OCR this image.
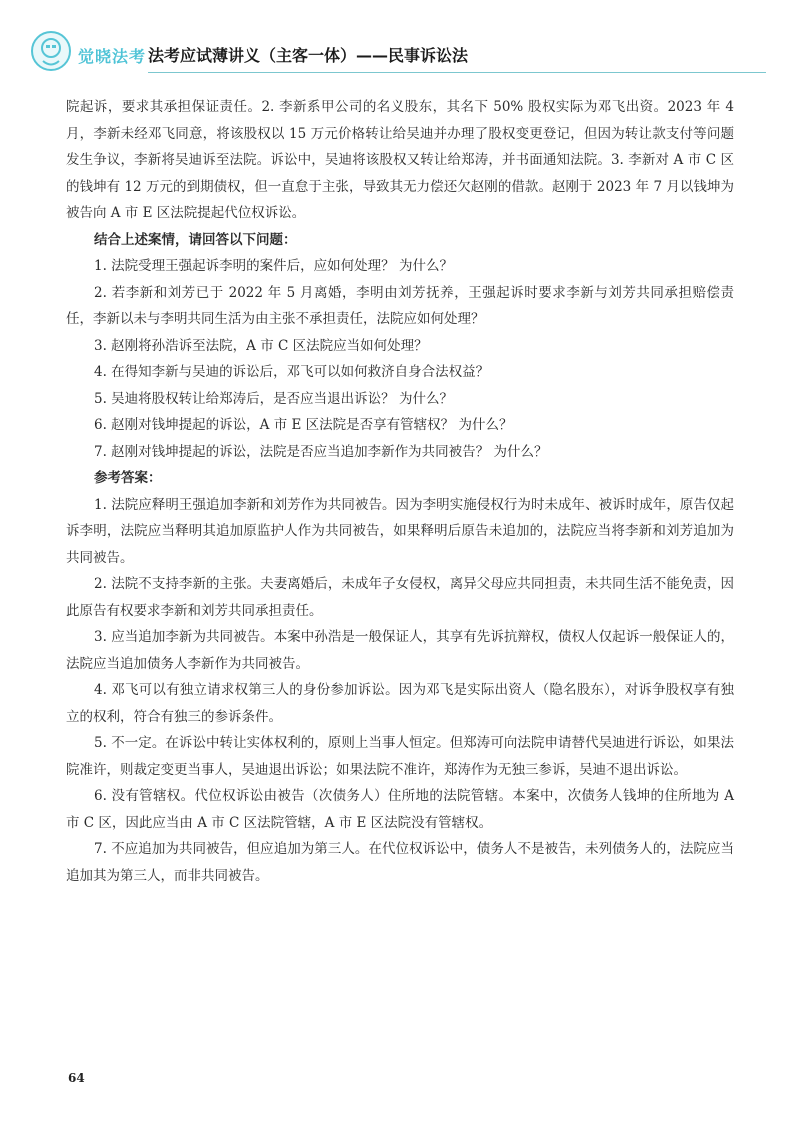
觉晓法考 法考应试薄讲义（主客一体）——民事诉讼法

院起诉，要求其承担保证责任。2. 李新系甲公司的名义股东，其名下 50% 股权实际为邓飞出资。2023 年 4 月，李新未经邓飞同意，将该股权以 15 万元价格转让给吴迪并办理了股权变更登记，但因为转让款支付等问题发生争议，李新将吴迪诉至法院。诉讼中，吴迪将该股权又转让给郑涛，并书面通知法院。3. 李新对 A 市 C 区的钱坤有 12 万元的到期债权，但一直怠于主张，导致其无力偿还欠赵刚的借款。赵刚于 2023 年 7 月以钱坤为被告向 A 市 E 区法院提起代位权诉讼。

结合上述案情，请回答以下问题：

1. 法院受理王强起诉李明的案件后，应如何处理？ 为什么？

2. 若李新和刘芳已于 2022 年 5 月离婚，李明由刘芳抚养，王强起诉时要求李新与刘芳共同承担赔偿责任，李新以未与李明共同生活为由主张不承担责任，法院应如何处理？

3. 赵刚将孙浩诉至法院，A 市 C 区法院应当如何处理？

4. 在得知李新与吴迪的诉讼后，邓飞可以如何救济自身合法权益？

5. 吴迪将股权转让给郑涛后，是否应当退出诉讼？ 为什么？

6. 赵刚对钱坤提起的诉讼，A 市 E 区法院是否享有管辖权？ 为什么？

7. 赵刚对钱坤提起的诉讼，法院是否应当追加李新作为共同被告？ 为什么？

参考答案：

1. 法院应释明王强追加李新和刘芳作为共同被告。因为李明实施侵权行为时未成年、被诉时成年，原告仅起诉李明，法院应当释明其追加原监护人作为共同被告，如果释明后原告未追加的，法院应当将李新和刘芳追加为共同被告。

2. 法院不支持李新的主张。夫妻离婚后，未成年子女侵权，离异父母应共同担责，未共同生活不能免责，因此原告有权要求李新和刘芳共同承担责任。

3. 应当追加李新为共同被告。本案中孙浩是一般保证人，其享有先诉抗辩权，债权人仅起诉一般保证人的，法院应当追加债务人李新作为共同被告。

4. 邓飞可以有独立请求权第三人的身份参加诉讼。因为邓飞是实际出资人（隐名股东），对诉争股权享有独立的权利，符合有独三的参诉条件。

5. 不一定。在诉讼中转让实体权利的，原则上当事人恒定。但郑涛可向法院申请替代吴迪进行诉讼，如果法院准许，则裁定变更当事人，吴迪退出诉讼；如果法院不准许，郑涛作为无独三参诉，吴迪不退出诉讼。

6. 没有管辖权。代位权诉讼由被告（次债务人）住所地的法院管辖。本案中，次债务人钱坤的住所地为 A 市 C 区，因此应当由 A 市 C 区法院管辖，A 市 E 区法院没有管辖权。

7. 不应追加为共同被告，但应追加为第三人。在代位权诉讼中，债务人不是被告，未列债务人的，法院应当追加其为第三人，而非共同被告。

64
